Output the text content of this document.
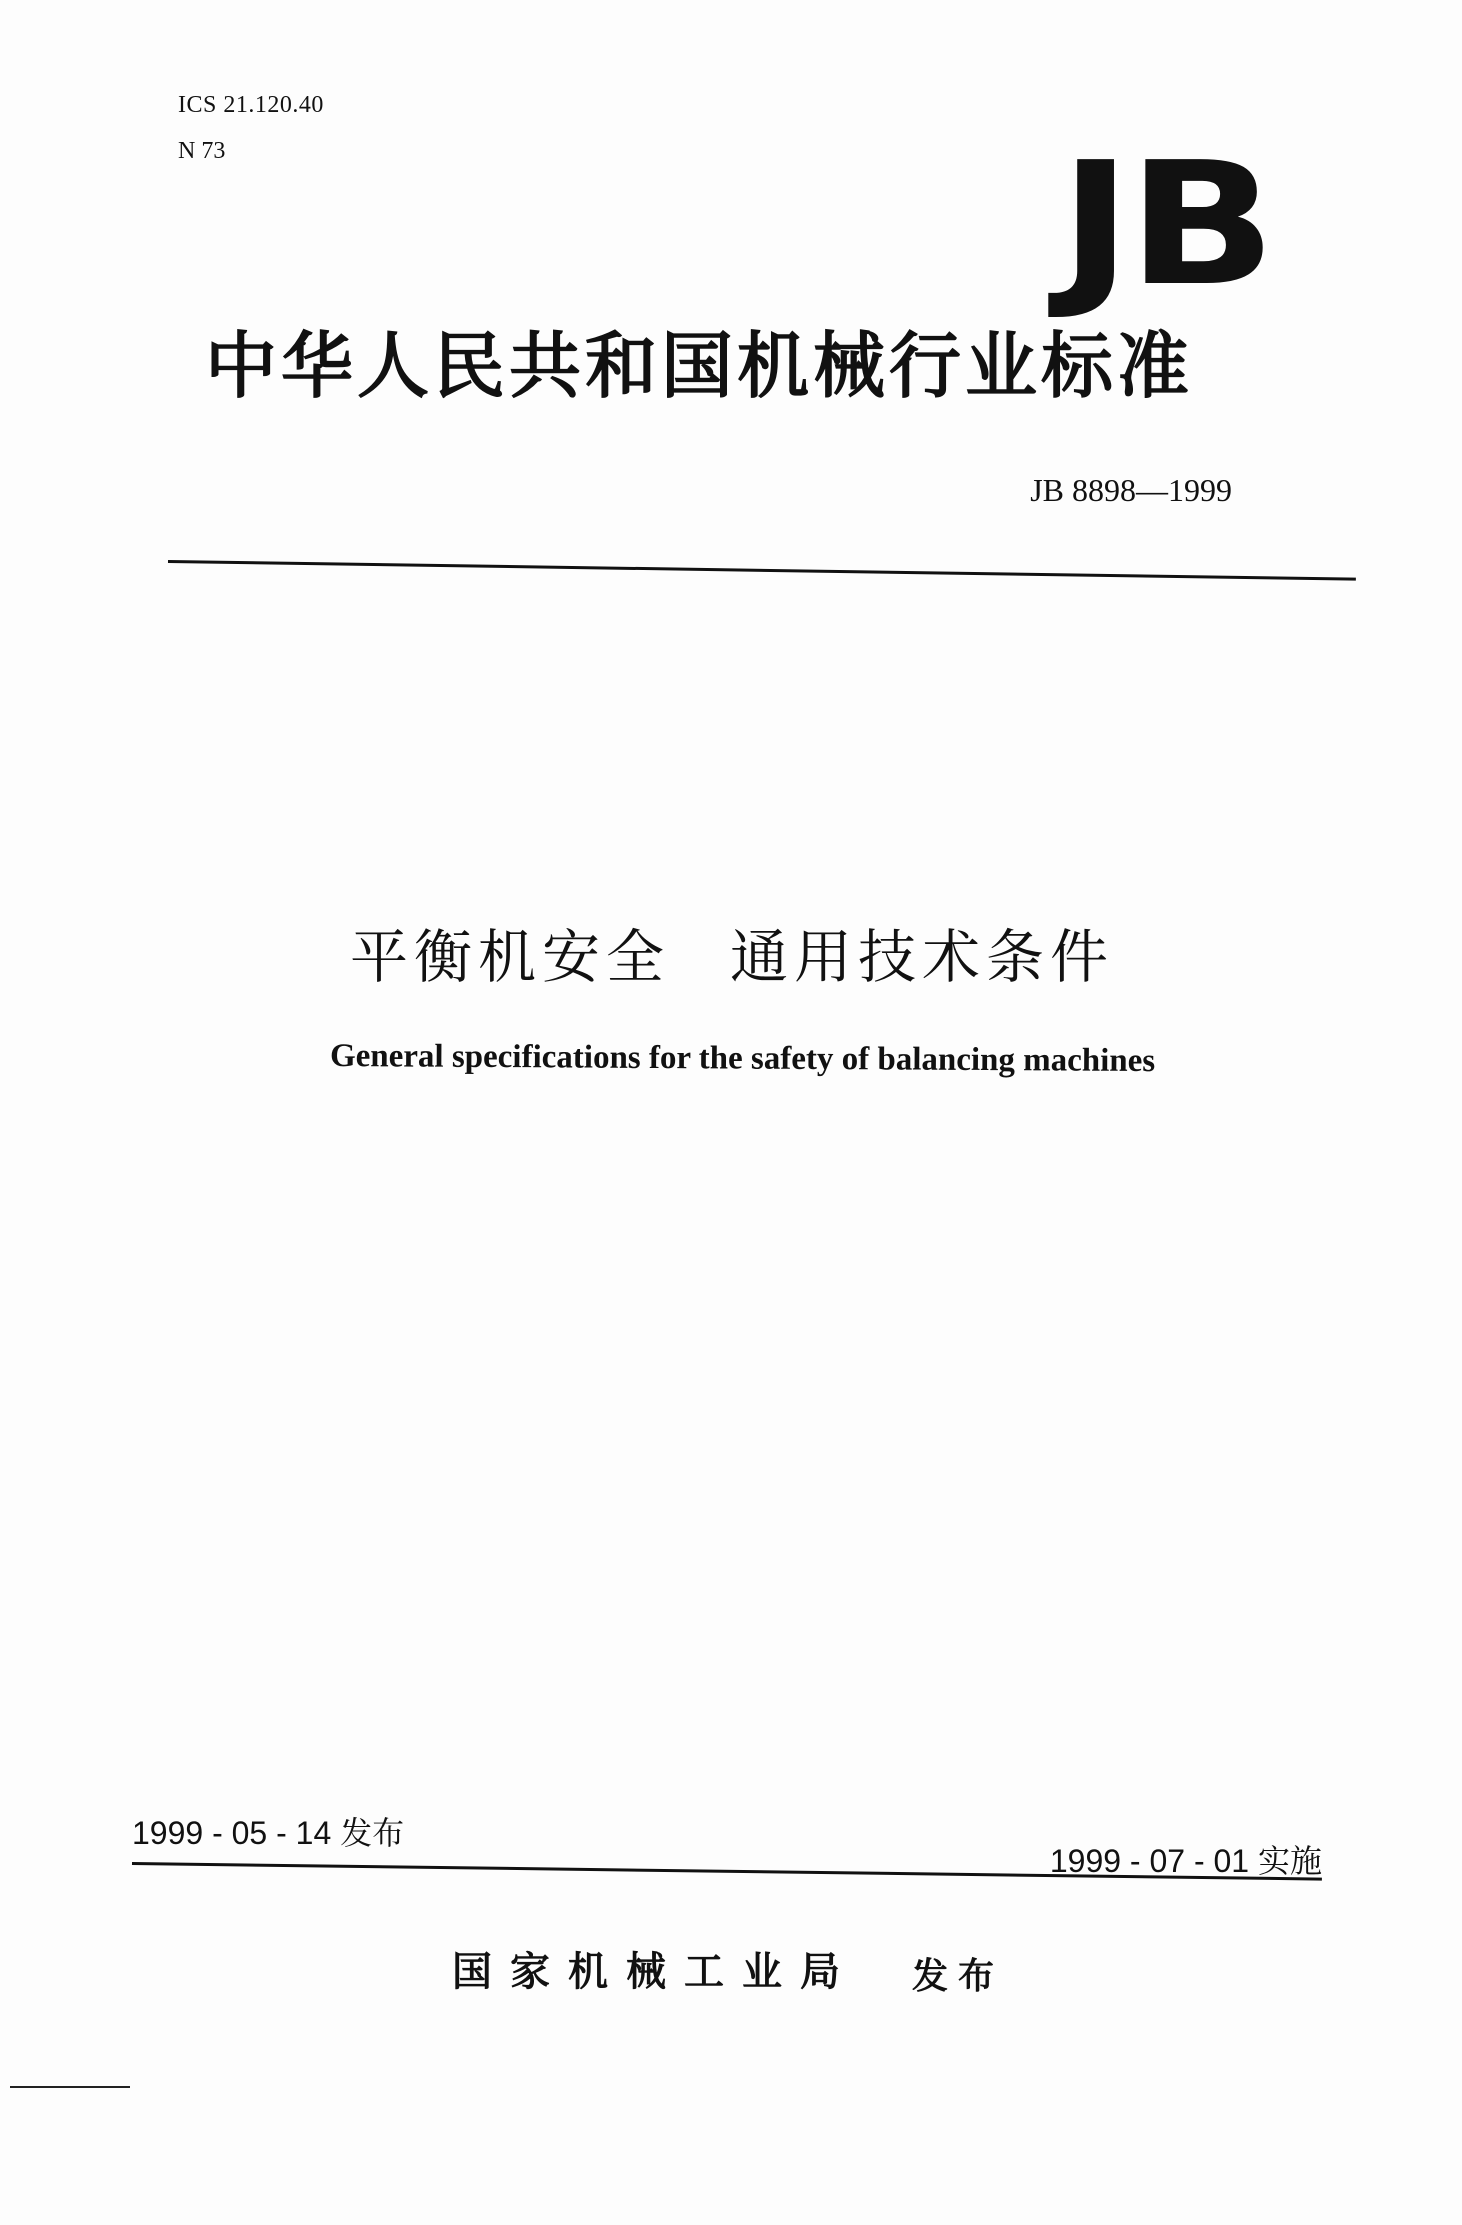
ICS 21.120.40
N 73	JB
中华人民共和国机械行业标准
JB 8898—1999
平衡机安全 通用技术条件
General specifications for the safety of balancing machines
1999 - 05 - 14 发布
1999 - 07 - 01 实施
国家机械工业局 发布
